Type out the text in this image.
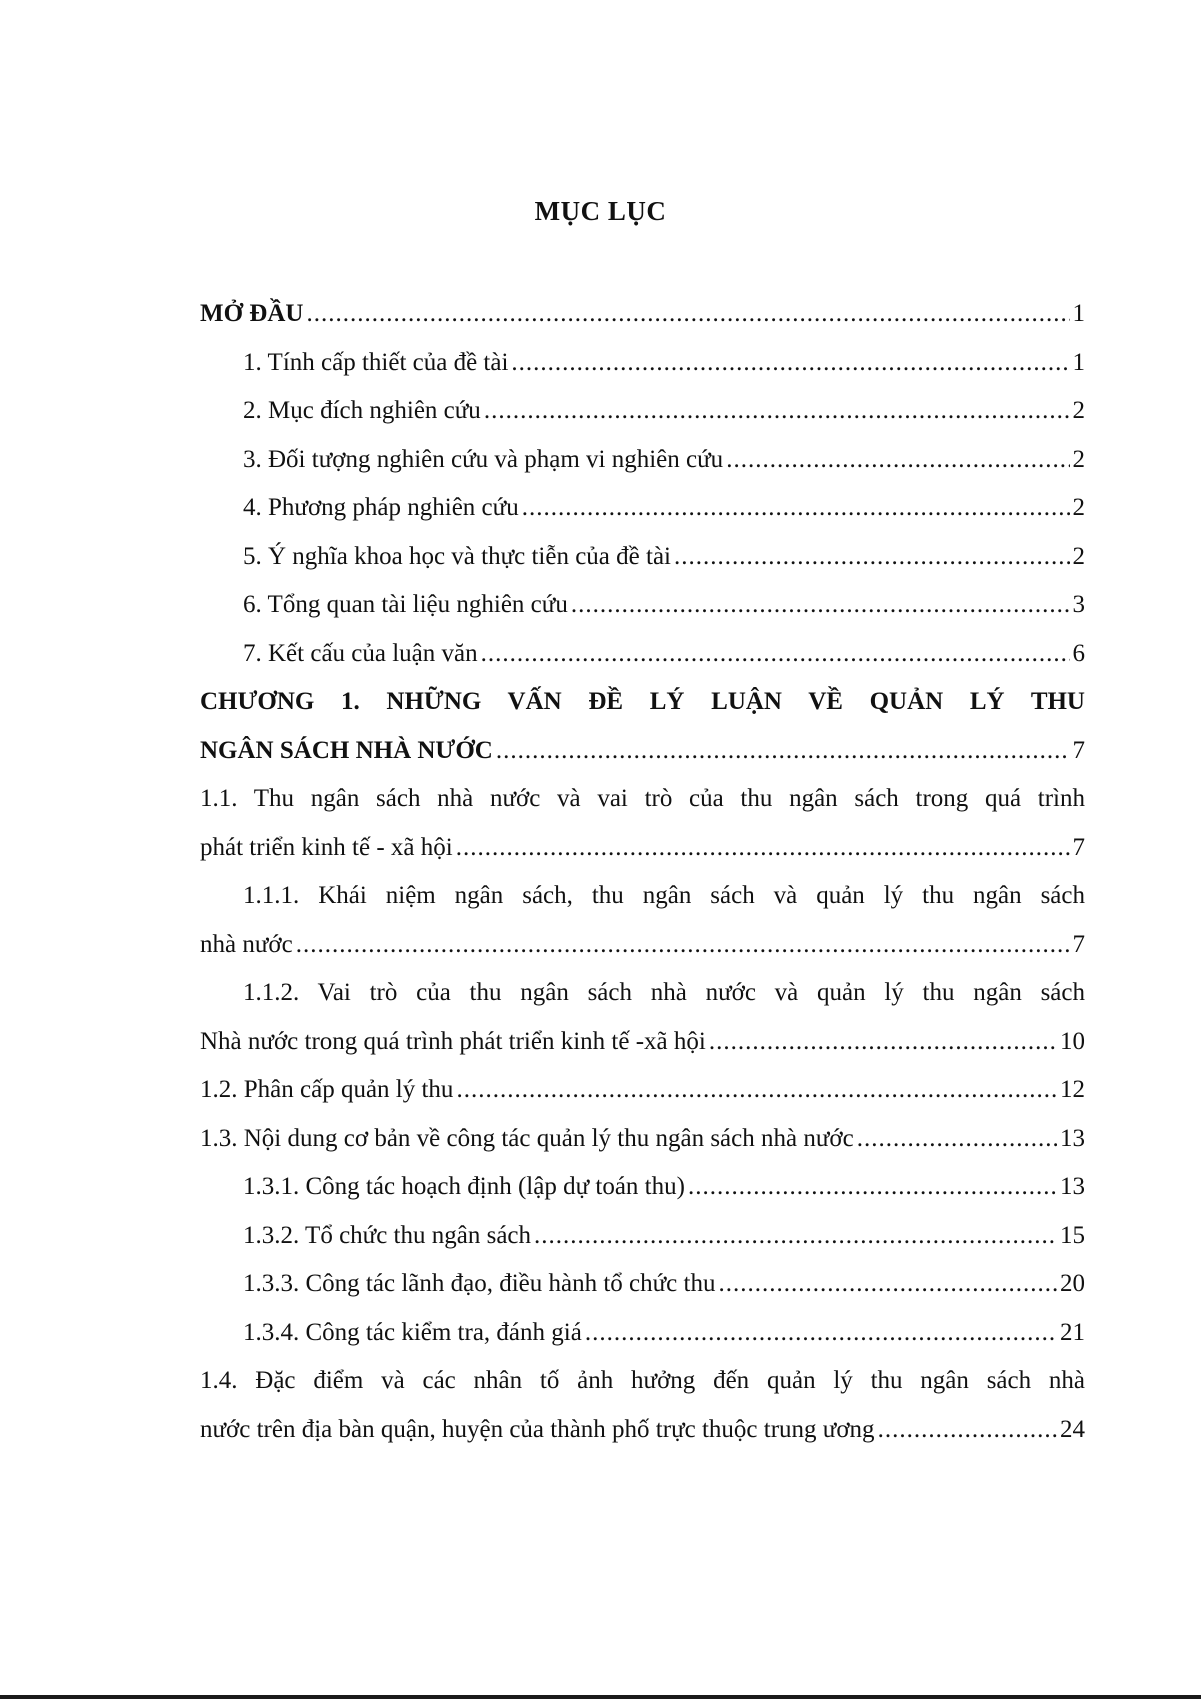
MỤC LỤC
MỞ ĐẦU .....	1
1. Tính cấp thiết của đề tài .....	1
2. Mục đích nghiên cứu .....	2
3. Đối tượng nghiên cứu và phạm vi nghiên cứu .....	2
4. Phương pháp nghiên cứu .....	2
5. Ý nghĩa khoa học và thực tiễn của đề tài .....	2
6. Tổng quan tài liệu nghiên cứu .....	3
7. Kết cấu của luận văn .....	6
CHƯƠNG 1. NHỮNG VẤN ĐỀ LÝ LUẬN VỀ QUẢN LÝ THU
NGÂN SÁCH NHÀ NƯỚC .....	7
1.1. Thu ngân sách nhà nước và vai trò của thu ngân sách trong quá trình
phát triển kinh tế - xã hội .....	7
1.1.1. Khái niệm ngân sách, thu ngân sách và quản lý thu ngân sách
nhà nước .....	7
1.1.2. Vai trò của thu ngân sách nhà nước và quản lý thu ngân sách
Nhà nước trong quá trình phát triển kinh tế -xã hội .....	10
1.2. Phân cấp quản lý thu .....	12
1.3. Nội dung cơ bản về công tác quản lý thu ngân sách nhà nước .....	13
1.3.1. Công tác hoạch định (lập dự toán thu) .....	13
1.3.2. Tổ chức thu ngân sách .....	15
1.3.3. Công tác lãnh đạo, điều hành tổ chức thu .....	20
1.3.4. Công tác kiểm tra, đánh giá .....	21
1.4. Đặc điểm và các nhân tố ảnh hưởng đến quản lý thu ngân sách nhà
nước trên địa bàn quận, huyện của thành phố trực thuộc trung ương .....	24
